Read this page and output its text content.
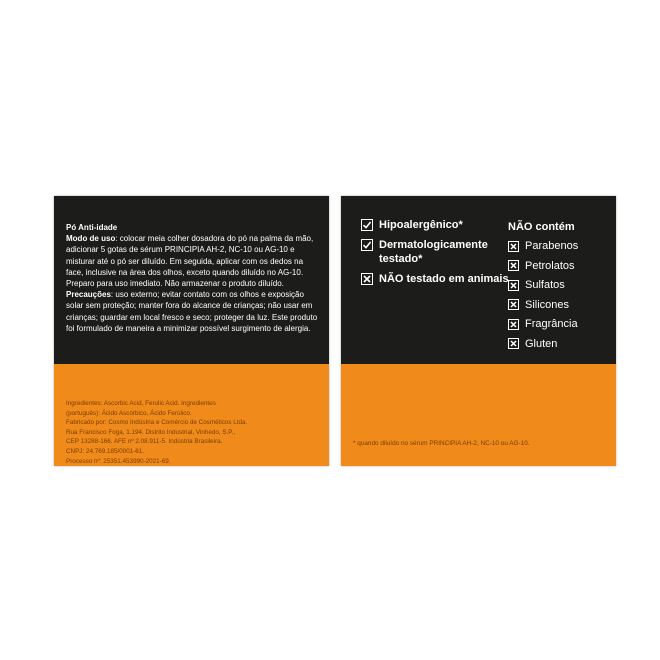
Pó Anti-idade
Modo de uso: colocar meia colher dosadora do pó na palma da mão, adicionar 5 gotas de sérum PRINCIPIA AH-2, NC-10 ou AG-10 e misturar até o pó ser diluído. Em seguida, aplicar com os dedos na face, inclusive na área dos olhos, exceto quando diluído no AG-10. Preparo para uso imediato. Não armazenar o produto diluído. Precauções: uso externo; evitar contato com os olhos e exposição solar sem proteção; manter fora do alcance de crianças; não usar em crianças; guardar em local fresco e seco; proteger da luz. Este produto foi formulado de maneira a minimizar possível surgimento de alergia.
Ingredientes: Ascorbic Acid, Ferulic Acid. Ingredientes
(português): Ácido Ascórbico, Ácido Ferúlico.
Fabricado por: Cosmo Indústria e Comércio de Cosméticos Ltda.
Rua Francisco Foga, 1.194. Distrito Industrial, Vinhedo, S.P.,
CEP 13288-166. AFE nº 2.08.911-5. Indústria Brasileira.
CNPJ: 24.769.185/0001-61.
Processo nº: 25351.453990-2021-69.
Hipoalergênico*
Dermatologicamente testado*
NÃO testado em animais
NÃO contém
Parabenos
Petrolatos
Sulfatos
Silicones
Fragrância
Gluten
* quando diluído no sérum PRINCIPIA AH-2, NC-10 ou AG-10.
